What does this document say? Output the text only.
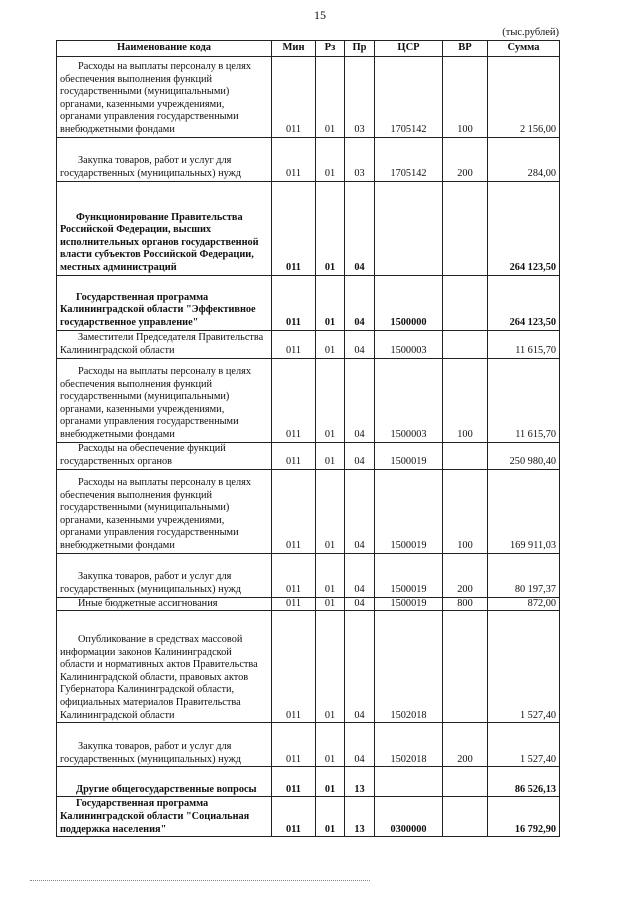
15
(тыс.рублей)
Наименование кода	Мин	Рз	Пр	ЦСР	ВР	Сумма

Расходы на выплаты персоналу в целях обеспечения выполнения функций государственными (муниципальными) органами, казенными учреждениями, органами управления государственными внебюджетными фондами	011	01	03	1705142	100	2 156,00

Закупка товаров, работ и услуг для государственных (муниципальных) нужд	011	01	03	1705142	200	284,00

Функционирование Правительства Российской Федерации, высших исполнительных органов государственной власти субъектов Российской Федерации, местных администраций	011	01	04			264 123,50

Государственная программа Калининградской области "Эффективное государственное управление"	011	01	04	1500000		264 123,50

Заместители Председателя Правительства Калининградской области	011	01	04	1500003		11 615,70

Расходы на выплаты персоналу в целях обеспечения выполнения функций государственными (муниципальными) органами, казенными учреждениями, органами управления государственными внебюджетными фондами	011	01	04	1500003	100	11 615,70

Расходы на обеспечение функций государственных органов	011	01	04	1500019		250 980,40

Расходы на выплаты персоналу в целях обеспечения выполнения функций государственными (муниципальными) органами, казенными учреждениями, органами управления государственными внебюджетными фондами	011	01	04	1500019	100	169 911,03

Закупка товаров, работ и услуг для государственных (муниципальных) нужд	011	01	04	1500019	200	80 197,37

Иные бюджетные ассигнования	011	01	04	1500019	800	872,00

Опубликование в средствах массовой информации законов Калининградской области и нормативных актов Правительства Калининградской области, правовых актов Губернатора Калининградской области, официальных материалов Правительства Калининградской области	011	01	04	1502018		1 527,40

Закупка товаров, работ и услуг для государственных (муниципальных) нужд	011	01	04	1502018	200	1 527,40

Другие общегосударственные вопросы	011	01	13			86 526,13

Государственная программа Калининградской области "Социальная поддержка населения"	011	01	13	0300000		16 792,90
